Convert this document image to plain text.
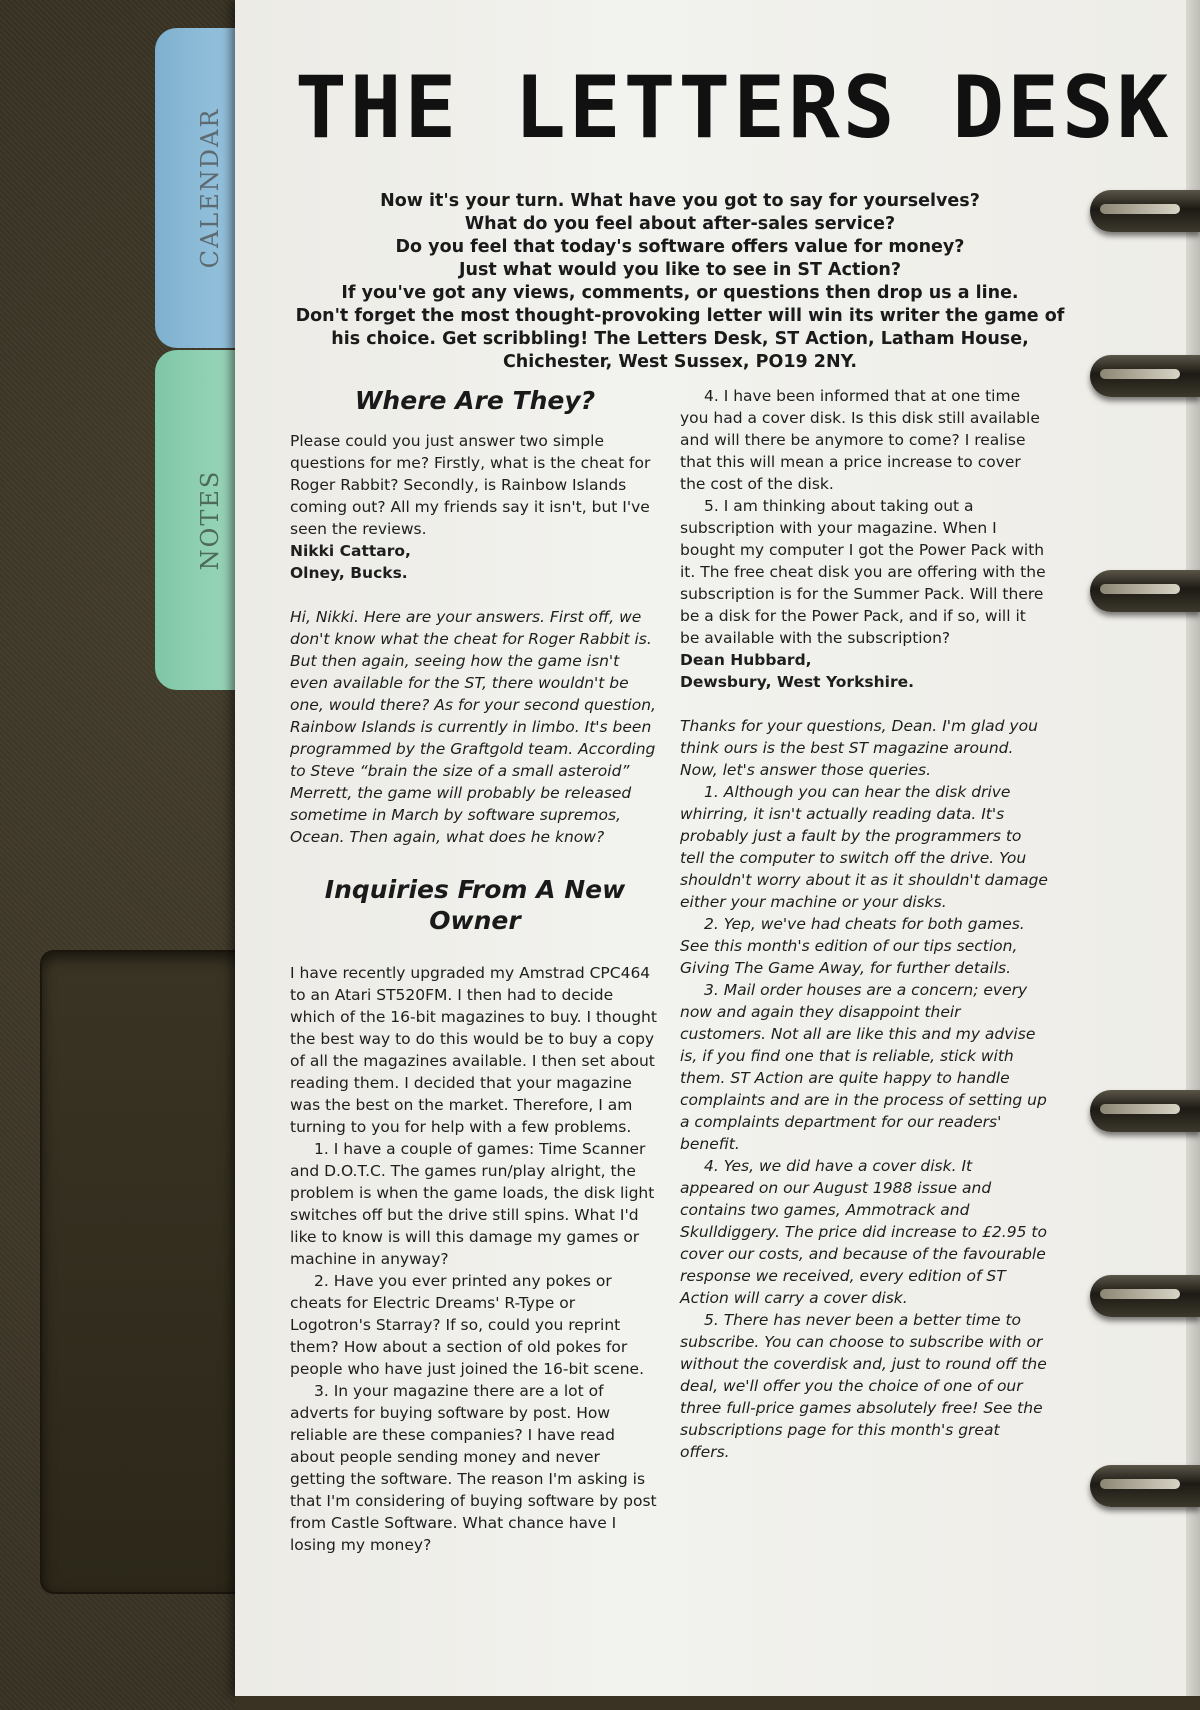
CALENDAR
NOTES
THE LETTERS DESK

Now it's your turn. What have you got to say for yourselves?

What do you feel about after-sales service?

Do you feel that today's software offers value for money?

Just what would you like to see in ST Action?

If you've got any views, comments, or questions then drop us a line.

Don't forget the most thought-provoking letter will win its writer the game of

his choice. Get scribbling! The Letters Desk, ST Action, Latham House,

Chichester, West Sussex, PO19 2NY.

Where Are They?

Please could you just answer two simple questions for me? Firstly, what is the cheat for Roger Rabbit? Secondly, is Rainbow Islands coming out? All my friends say it isn't, but I've seen the reviews.

Nikki Cattaro,

Olney, Bucks.

Hi, Nikki. Here are your answers. First off, we don't know what the cheat for Roger Rabbit is. But then again, seeing how the game isn't even available for the ST, there wouldn't be one, would there? As for your second question, Rainbow Islands is currently in limbo. It's been programmed by the Graftgold team. According to Steve “brain the size of a small asteroid” Merrett, the game will probably be released sometime in March by software supremos, Ocean. Then again, what does he know?

Inquiries From A New Owner

I have recently upgraded my Amstrad CPC464 to an Atari ST520FM. I then had to decide which of the 16-bit magazines to buy. I thought the best way to do this would be to buy a copy of all the magazines available. I then set about reading them. I decided that your magazine was the best on the market. Therefore, I am turning to you for help with a few problems.

1. I have a couple of games: Time Scanner and D.O.T.C. The games run/play alright, the problem is when the game loads, the disk light switches off but the drive still spins. What I'd like to know is will this damage my games or machine in anyway?

2. Have you ever printed any pokes or cheats for Electric Dreams' R-Type or Logotron's Starray? If so, could you reprint them? How about a section of old pokes for people who have just joined the 16-bit scene.

3. In your magazine there are a lot of adverts for buying software by post. How reliable are these companies? I have read about people sending money and never getting the software. The reason I'm asking is that I'm considering of buying software by post from Castle Software. What chance have I losing my money?

4. I have been informed that at one time you had a cover disk. Is this disk still available and will there be anymore to come? I realise that this will mean a price increase to cover the cost of the disk.

5. I am thinking about taking out a subscription with your magazine. When I bought my computer I got the Power Pack with it. The free cheat disk you are offering with the subscription is for the Summer Pack. Will there be a disk for the Power Pack, and if so, will it be available with the subscription?

Dean Hubbard,

Dewsbury, West Yorkshire.

Thanks for your questions, Dean. I'm glad you think ours is the best ST magazine around. Now, let's answer those queries.

1. Although you can hear the disk drive whirring, it isn't actually reading data. It's probably just a fault by the programmers to tell the computer to switch off the drive. You shouldn't worry about it as it shouldn't damage either your machine or your disks.

2. Yep, we've had cheats for both games. See this month's edition of our tips section, Giving The Game Away, for further details.

3. Mail order houses are a concern; every now and again they disappoint their customers. Not all are like this and my advise is, if you find one that is reliable, stick with them. ST Action are quite happy to handle complaints and are in the process of setting up a complaints department for our readers' benefit.

4. Yes, we did have a cover disk. It appeared on our August 1988 issue and contains two games, Ammotrack and Skulldiggery. The price did increase to £2.95 to cover our costs, and because of the favourable response we received, every edition of ST Action will carry a cover disk.

5. There has never been a better time to subscribe. You can choose to subscribe with or without the coverdisk and, just to round off the deal, we'll offer you the choice of one of our three full-price games absolutely free! See the subscriptions page for this month's great offers.
